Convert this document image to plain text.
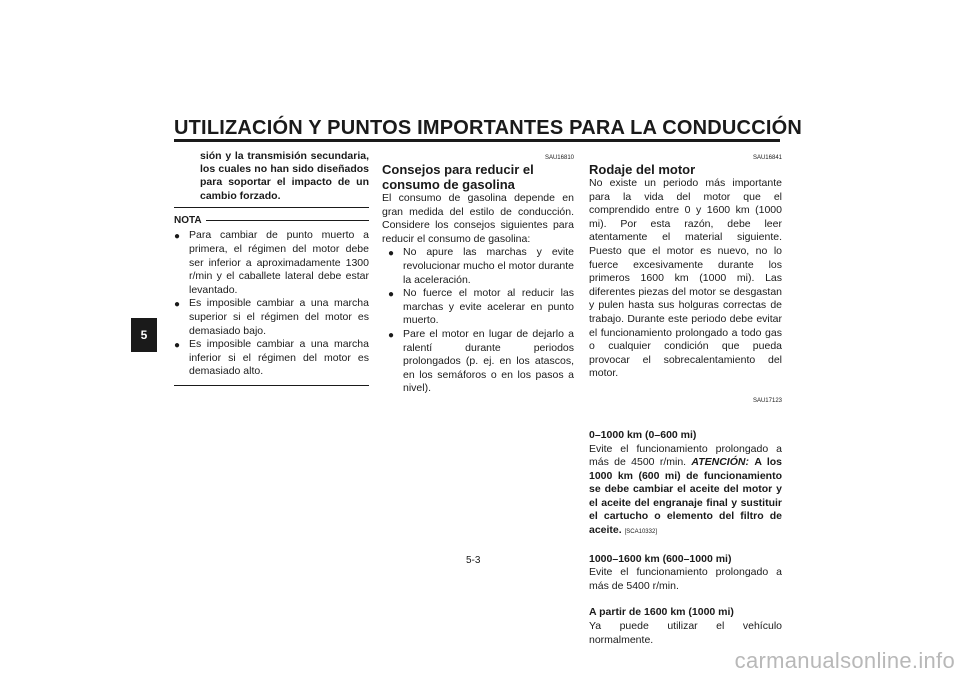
UTILIZACIÓN Y PUNTOS IMPORTANTES PARA LA CONDUCCIÓN
5

sión y la transmisión secundaria, los cuales no han sido diseñados para soportar el impacto de un cambio forzado.

NOTA
● Para cambiar de punto muerto a primera, el régimen del motor debe ser inferior a aproximadamente 1300 r/min y el caballete lateral debe estar levantado.
● Es imposible cambiar a una marcha superior si el régimen del motor es demasiado bajo.
● Es imposible cambiar a una marcha inferior si el régimen del motor es demasiado alto.

SAU16810

Consejos para reducir el consumo de gasolina

El consumo de gasolina depende en gran medida del estilo de conducción. Considere los consejos siguientes para reducir el consumo de gasolina:

● No apure las marchas y evite revolucionar mucho el motor durante la aceleración.
● No fuerce el motor al reducir las marchas y evite acelerar en punto muerto.
● Pare el motor en lugar de dejarlo a ralentí durante periodos prolongados (p. ej. en los atascos, en los semáforos o en los pasos a nivel).

SAU16841

Rodaje del motor

No existe un periodo más importante para la vida del motor que el comprendido entre 0 y 1600 km (1000 mi). Por esta razón, debe leer atentamente el material siguiente. Puesto que el motor es nuevo, no lo fuerce excesivamente durante los primeros 1600 km (1000 mi). Las diferentes piezas del motor se desgastan y pulen hasta sus holguras correctas de trabajo. Durante este periodo debe evitar el funcionamiento prolongado a todo gas o cualquier condición que pueda provocar el sobrecalentamiento del motor.

SAU17123

0–1000 km (0–600 mi)

Evite el funcionamiento prolongado a más de 4500 r/min. ATENCIÓN: A los 1000 km (600 mi) de funcionamiento se debe cambiar el aceite del motor y el aceite del engranaje final y sustituir el cartucho o elemento del filtro de aceite. [SCA10332]

1000–1600 km (600–1000 mi)

Evite el funcionamiento prolongado a más de 5400 r/min.

A partir de 1600 km (1000 mi)

Ya puede utilizar el vehículo normalmente.

5-3
carmanualsonline.info
